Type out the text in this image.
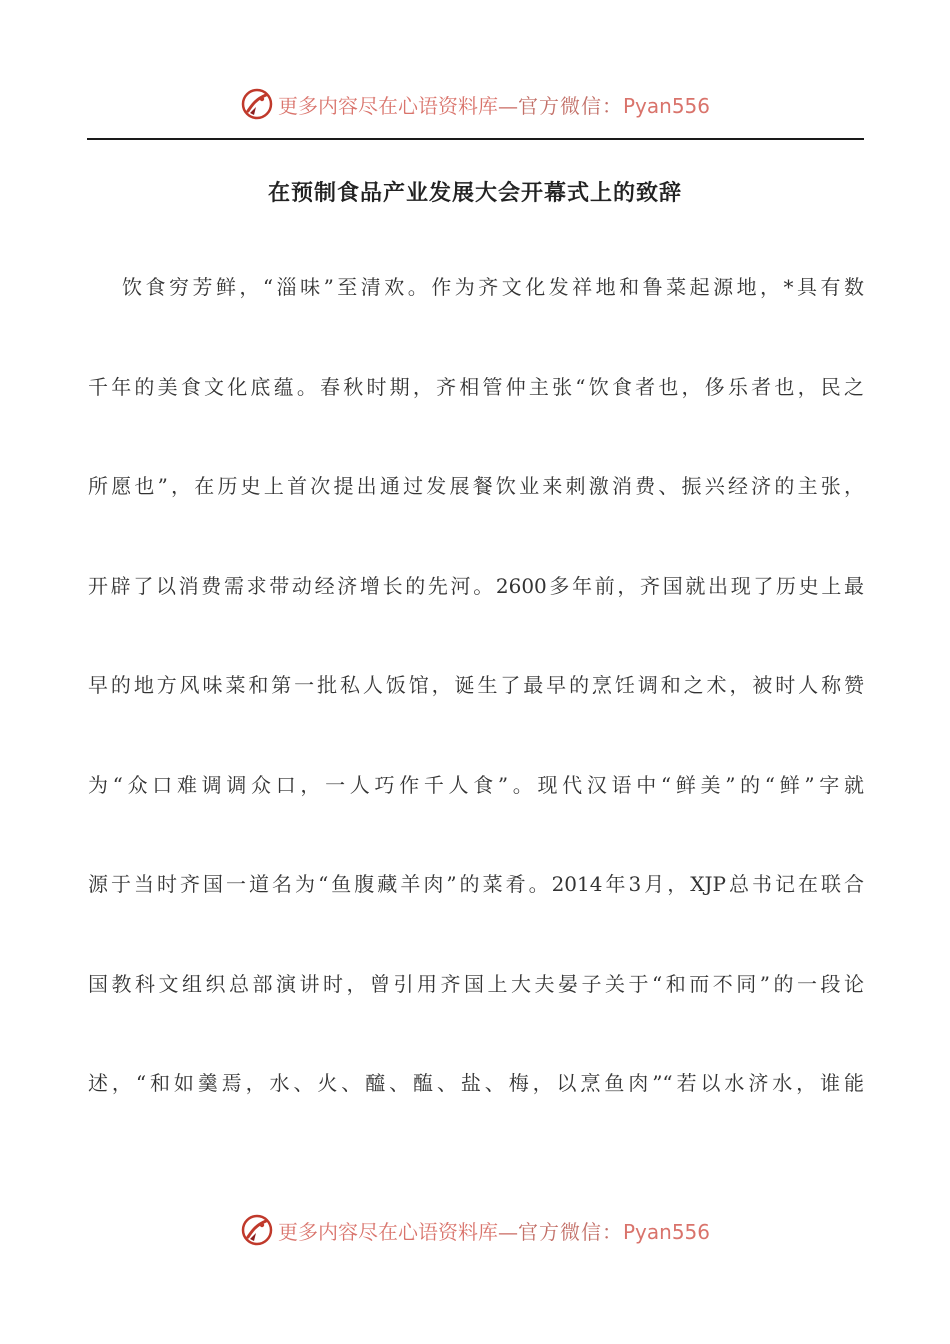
更多内容尽在心语资料库—官方微信：Pyan556
在预制食品产业发展大会开幕式上的致辞
饮食穷芳鲜，“淄味”至清欢。作为齐文化发祥地和鲁菜起源地，*具有数
千年的美食文化底蕴。春秋时期，齐相管仲主张“饮食者也，侈乐者也，民之
所愿也”，在历史上首次提出通过发展餐饮业来刺激消费、振兴经济的主张，
开辟了以消费需求带动经济增长的先河。2600多年前，齐国就出现了历史上最
早的地方风味菜和第一批私人饭馆，诞生了最早的烹饪调和之术，被时人称赞
为“众口难调调众口，一人巧作千人食”。现代汉语中“鲜美”的“鲜”字就
源于当时齐国一道名为“鱼腹藏羊肉”的菜肴。2014年3月，XJP总书记在联合
国教科文组织总部演讲时，曾引用齐国上大夫晏子关于“和而不同”的一段论
述，“和如羹焉，水、火、醯、醢、盐、梅，以烹鱼肉”“若以水济水，谁能
更多内容尽在心语资料库—官方微信：Pyan556
